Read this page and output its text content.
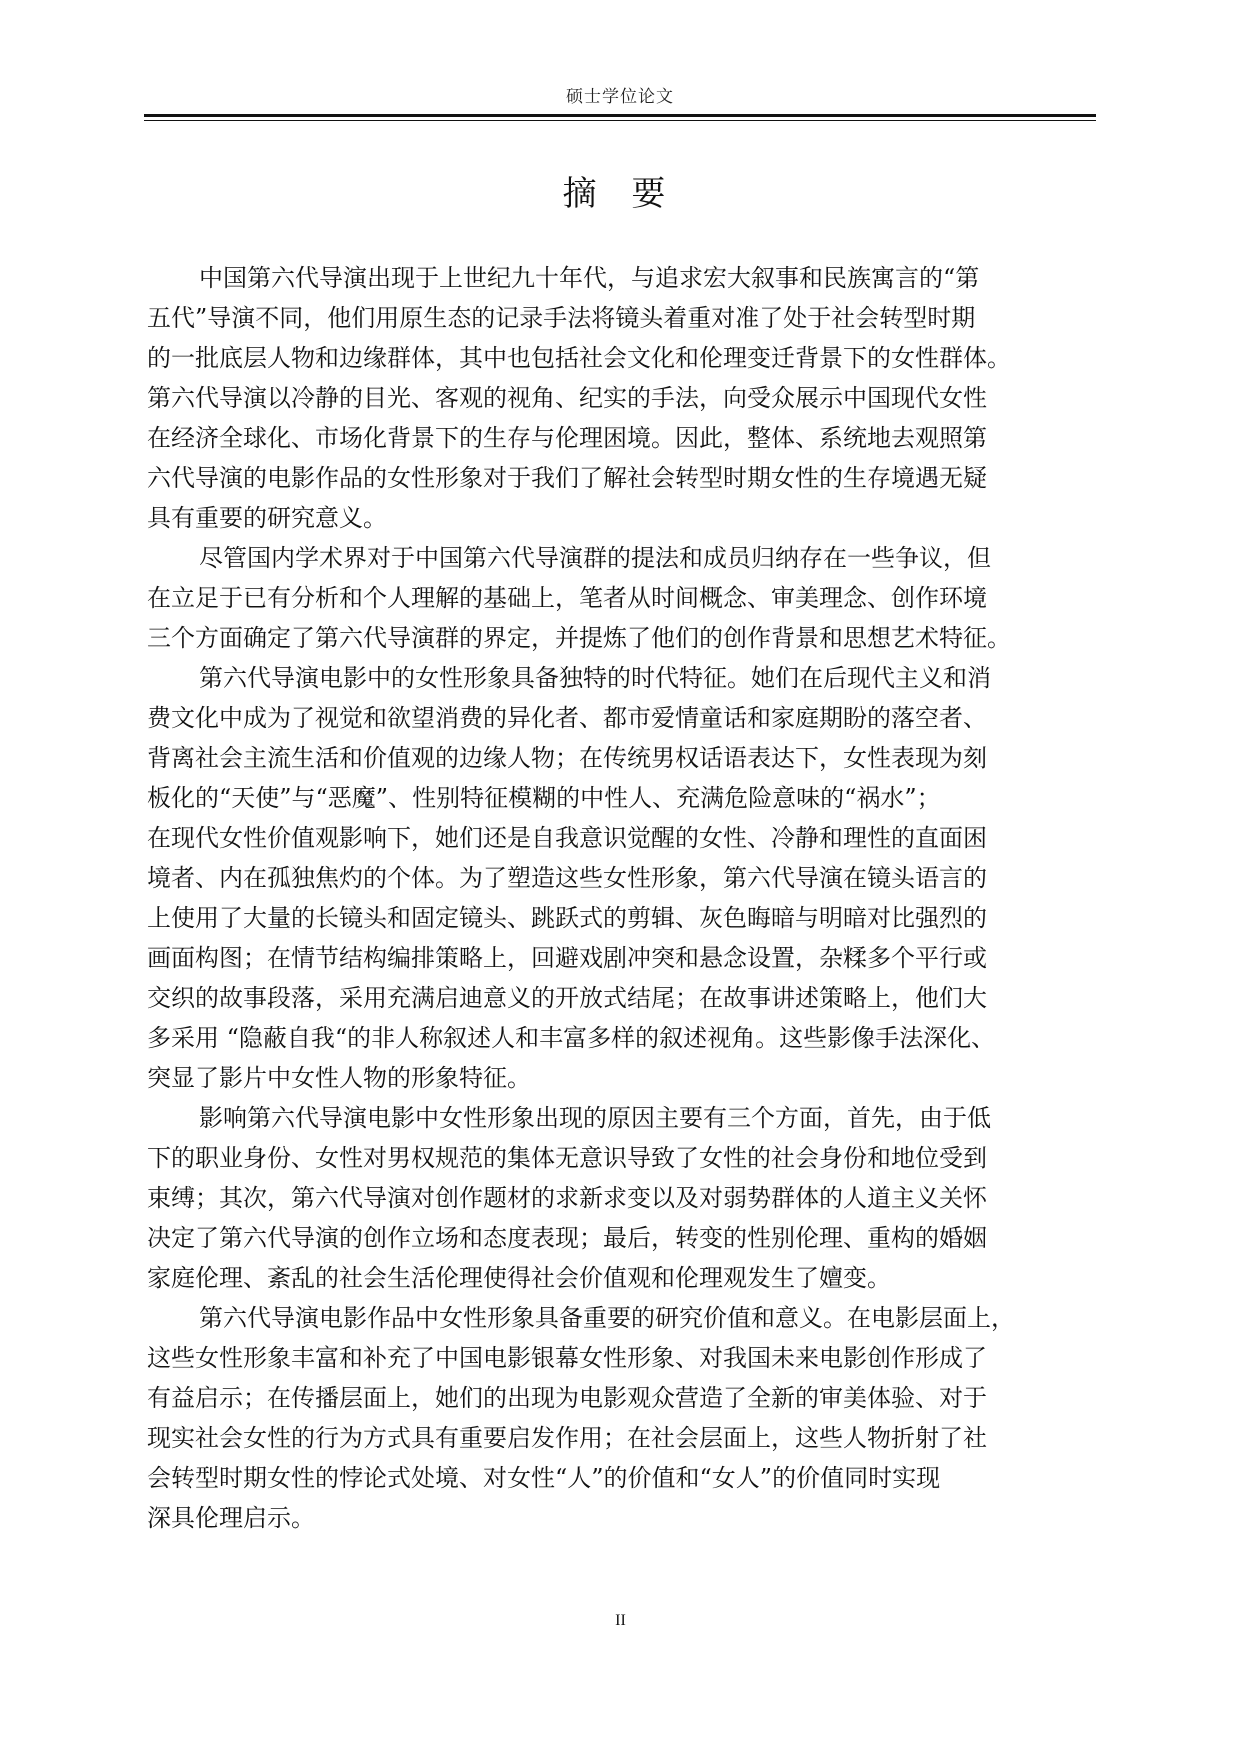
硕士学位论文
摘 要
中国第六代导演出现于上世纪九十年代，与追求宏大叙事和民族寓言的“第
五代”导演不同，他们用原生态的记录手法将镜头着重对准了处于社会转型时期
的一批底层人物和边缘群体，其中也包括社会文化和伦理变迁背景下的女性群体。
第六代导演以冷静的目光、客观的视角、纪实的手法，向受众展示中国现代女性
在经济全球化、市场化背景下的生存与伦理困境。因此，整体、系统地去观照第
六代导演的电影作品的女性形象对于我们了解社会转型时期女性的生存境遇无疑
具有重要的研究意义。
尽管国内学术界对于中国第六代导演群的提法和成员归纳存在一些争议，但
在立足于已有分析和个人理解的基础上，笔者从时间概念、审美理念、创作环境
三个方面确定了第六代导演群的界定，并提炼了他们的创作背景和思想艺术特征。
第六代导演电影中的女性形象具备独特的时代特征。她们在后现代主义和消
费文化中成为了视觉和欲望消费的异化者、都市爱情童话和家庭期盼的落空者、
背离社会主流生活和价值观的边缘人物；在传统男权话语表达下，女性表现为刻
板化的“天使”与“恶魔”、性别特征模糊的中性人、充满危险意味的“祸水”；
在现代女性价值观影响下，她们还是自我意识觉醒的女性、冷静和理性的直面困
境者、内在孤独焦灼的个体。为了塑造这些女性形象，第六代导演在镜头语言的
上使用了大量的长镜头和固定镜头、跳跃式的剪辑、灰色晦暗与明暗对比强烈的
画面构图；在情节结构编排策略上，回避戏剧冲突和悬念设置，杂糅多个平行或
交织的故事段落，采用充满启迪意义的开放式结尾；在故事讲述策略上，他们大
多采用 “隐蔽自我“的非人称叙述人和丰富多样的叙述视角。这些影像手法深化、
突显了影片中女性人物的形象特征。
影响第六代导演电影中女性形象出现的原因主要有三个方面，首先，由于低
下的职业身份、女性对男权规范的集体无意识导致了女性的社会身份和地位受到
束缚；其次，第六代导演对创作题材的求新求变以及对弱势群体的人道主义关怀
决定了第六代导演的创作立场和态度表现；最后，转变的性别伦理、重构的婚姻
家庭伦理、紊乱的社会生活伦理使得社会价值观和伦理观发生了嬗变。
第六代导演电影作品中女性形象具备重要的研究价值和意义。在电影层面上，
这些女性形象丰富和补充了中国电影银幕女性形象、对我国未来电影创作形成了
有益启示；在传播层面上，她们的出现为电影观众营造了全新的审美体验、对于
现实社会女性的行为方式具有重要启发作用；在社会层面上，这些人物折射了社
会转型时期女性的悖论式处境、对女性“人”的价值和“女人”的价值同时实现
深具伦理启示。
II
